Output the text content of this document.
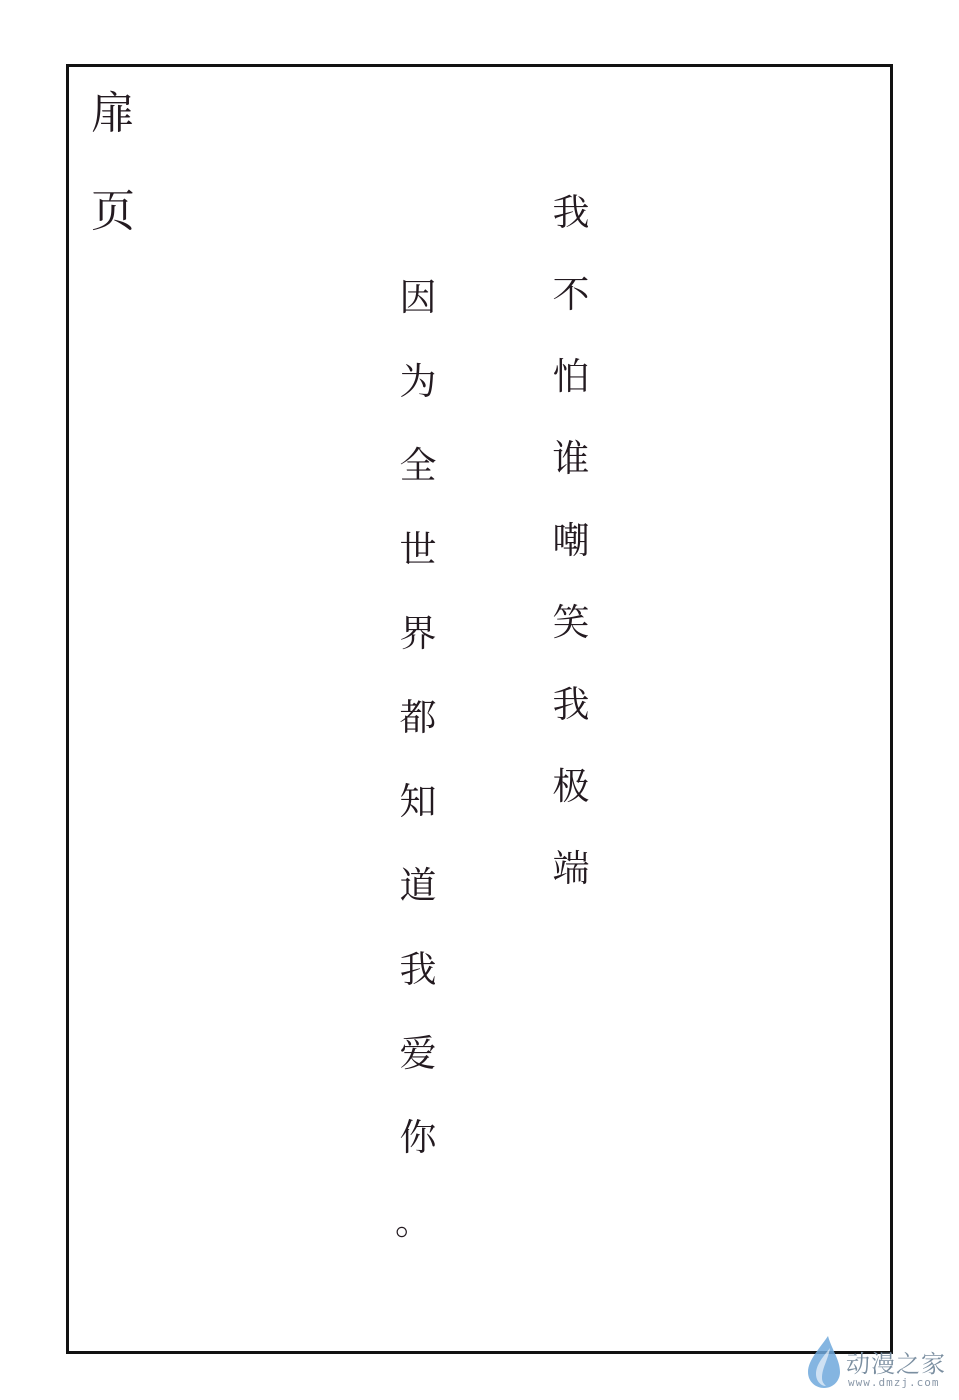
扉
页	我
不
怕
谁
嘲
笑
我
极
端
因
为
全
世
界
都
知
道
我
爱
你
。
动漫之家
www.dmzj.com
